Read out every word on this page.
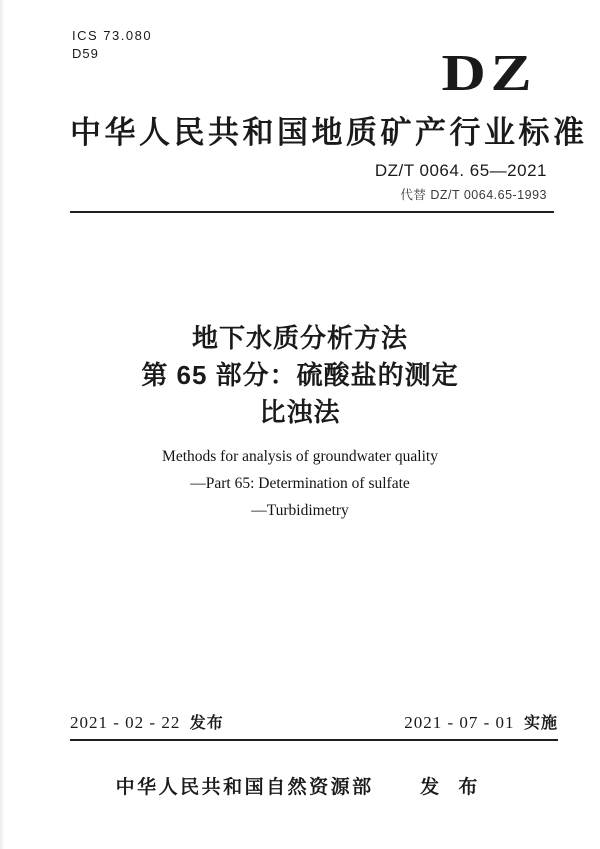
ICS 73.080
D59	DZ
中华人民共和国地质矿产行业标准
DZ/T 0064. 65—2021
代替 DZ/T 0064.65-1993
地下水质分析方法
第 65 部分：硫酸盐的测定
比浊法
Methods for analysis of groundwater quality
—Part 65: Determination of sulfate
—Turbidimetry
2021 - 02 - 22 发布	2021 - 07 - 01 实施
中华人民共和国自然资源部 发 布
